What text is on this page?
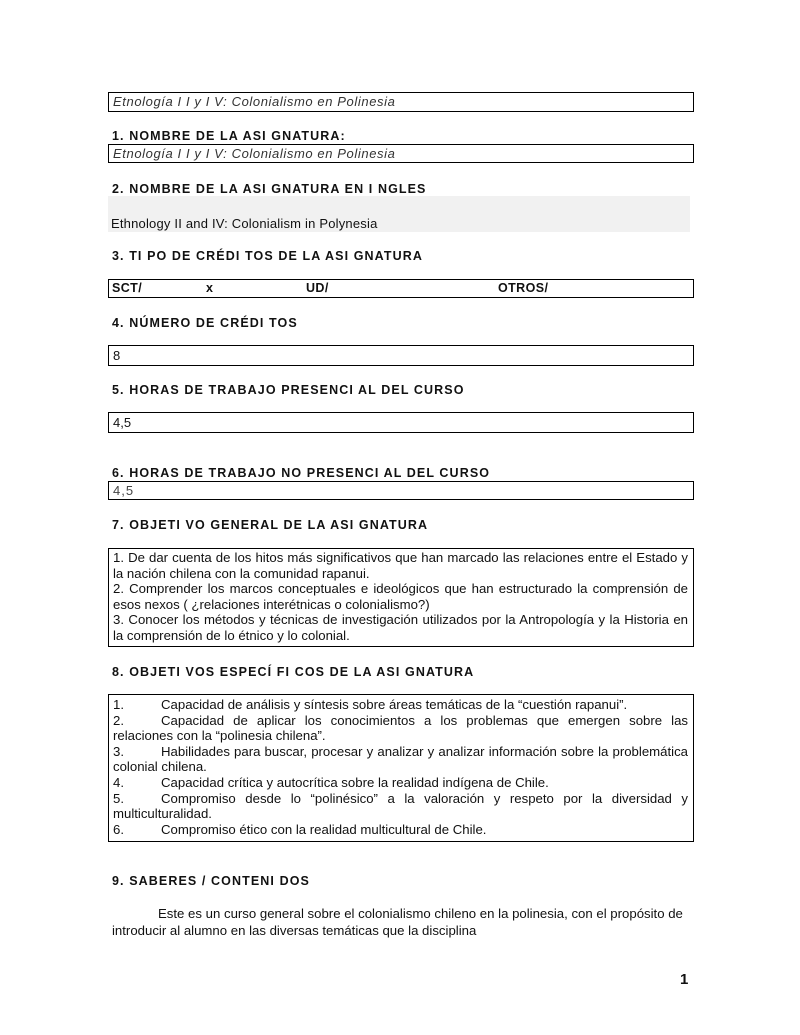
Etnología I I y I V: Colonialismo en Polinesia
1. NOMBRE DE LA ASI GNATURA:
Etnología I I y I V: Colonialismo en Polinesia
2. NOMBRE DE LA ASI GNATURA EN I NGLES
Ethnology II and IV: Colonialism in Polynesia
3. TI PO DE CRÉDI TOS DE LA ASI GNATURA
SCT/	x	UD/	OTROS/
4. NÚMERO DE CRÉDI TOS
8
5. HORAS DE TRABAJO PRESENCI AL DEL CURSO
4,5
6. HORAS DE TRABAJO NO PRESENCI AL DEL CURSO
4,5
7. OBJETI VO GENERAL DE LA ASI GNATURA
1. De dar cuenta de los hitos más significativos que han marcado las relaciones entre el Estado y la nación chilena con la comunidad rapanui.
2. Comprender los marcos conceptuales e ideológicos que han estructurado la comprensión de esos nexos ( ¿relaciones interétnicas o colonialismo?)
3. Conocer los métodos y técnicas de investigación utilizados por la Antropología y la Historia en la comprensión de lo étnico y lo colonial.
8. OBJETI VOS ESPECÍ FI COS DE LA ASI GNATURA
1.	Capacidad de análisis y síntesis sobre áreas temáticas de la “cuestión rapanui”.
2.	Capacidad de aplicar los conocimientos a los problemas que emergen sobre las relaciones con la “polinesia chilena”.
3.	Habilidades para buscar, procesar y analizar y analizar información sobre la problemática colonial chilena.
4.	Capacidad crítica y autocrítica sobre la realidad indígena de Chile.
5.	Compromiso desde lo “polinésico” a la valoración y respeto por la diversidad y multiculturalidad.
6.	Compromiso ético con la realidad multicultural de Chile.
9. SABERES / CONTENI DOS
Este es un curso general sobre el colonialismo chileno en la polinesia, con el propósito de introducir al alumno en las diversas temáticas que la disciplina
1
